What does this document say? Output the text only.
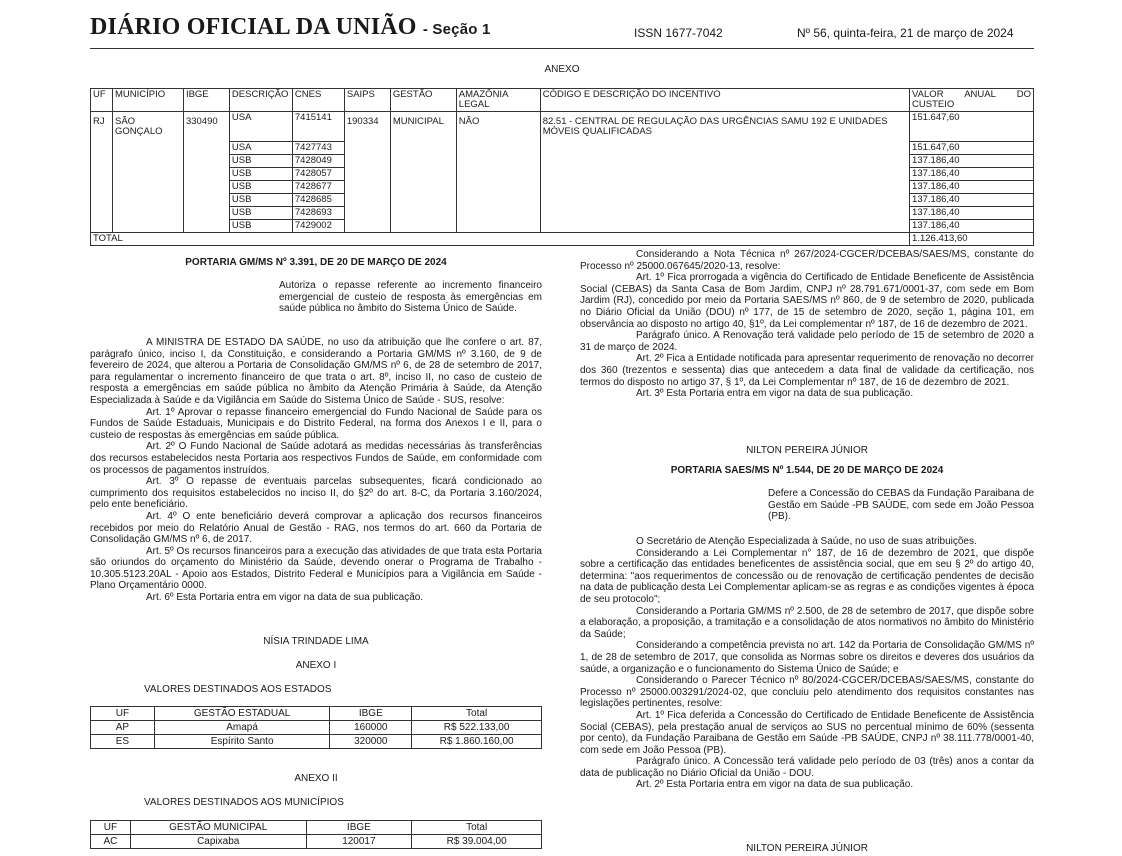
DIÁRIO OFICIAL DA UNIÃO - Seção 1	ISSN 1677-7042	Nº 56, quinta-feira, 21 de março de 2024
ANEXO
UF	MUNICÍPIO	IBGE	DESCRIÇÃO	CNES	SAIPS	GESTÃO	AMAZÔNIA LEGAL	CÓDIGO E DESCRIÇÃO DO INCENTIVO	VALOR ANUAL DO CUSTEIO
RJ	SÃO GONÇALO	330490	USA	7415141	190334	MUNICIPAL	NÃO	82.51 - CENTRAL DE REGULAÇÃO DAS URGÊNCIAS SAMU 192 E UNIDADES MÓVEIS QUALIFICADAS	151.647,60
			USA	7427743					151.647,60
			USB	7428049					137.186,40
			USB	7428057					137.186,40
			USB	7428677					137.186,40
			USB	7428685					137.186,40
			USB	7428693					137.186,40
			USB	7429002					137.186,40
TOTAL									1.126.413,60
PORTARIA GM/MS Nº 3.391, DE 20 DE MARÇO DE 2024
Autoriza o repasse referente ao incremento financeiro emergencial de custeio de resposta às emergências em saúde pública no âmbito do Sistema Único de Saúde.

A MINISTRA DE ESTADO DA SAÚDE, no uso da atribuição que lhe confere o art. 87, parágrafo único, inciso I, da Constituição, e considerando a Portaria GM/MS nº 3.160, de 9 de fevereiro de 2024, que alterou a Portaria de Consolidação GM/MS nº 6, de 28 de setembro de 2017, para regulamentar o incremento financeiro de que trata o art. 8º, inciso II, no caso de custeio de resposta a emergências em saúde pública no âmbito da Atenção Primária à Saúde, da Atenção Especializada à Saúde e da Vigilância em Saúde do Sistema Único de Saúde - SUS, resolve:

Art. 1º Aprovar o repasse financeiro emergencial do Fundo Nacional de Saúde para os Fundos de Saúde Estaduais, Municipais e do Distrito Federal, na forma dos Anexos I e II, para o custeio de respostas às emergências em saúde pública.

Art. 2º O Fundo Nacional de Saúde adotará as medidas necessárias às transferências dos recursos estabelecidos nesta Portaria aos respectivos Fundos de Saúde, em conformidade com os processos de pagamentos instruídos.

Art. 3º O repasse de eventuais parcelas subsequentes, ficará condicionado ao cumprimento dos requisitos estabelecidos no inciso II, do §2º do art. 8-C, da Portaria 3.160/2024, pelo ente beneficiário.

Art. 4º O ente beneficiário deverá comprovar a aplicação dos recursos financeiros recebidos por meio do Relatório Anual de Gestão - RAG, nos termos do art. 660 da Portaria de Consolidação GM/MS nº 6, de 2017.

Art. 5º Os recursos financeiros para a execução das atividades de que trata esta Portaria são oriundos do orçamento do Ministério da Saúde, devendo onerar o Programa de Trabalho - 10.305.5123.20AL - Apoio aos Estados, Distrito Federal e Municípios para a Vigilância em Saúde - Plano Orçamentário 0000.

Art. 6º Esta Portaria entra em vigor na data de sua publicação.

NÍSIA TRINDADE LIMA
ANEXO I
VALORES DESTINADOS AOS ESTADOS
UF	GESTÃO ESTADUAL	IBGE	Total
AP	Amapá	160000	R$ 522.133,00
ES	Espírito Santo	320000	R$ 1.860.160,00
ANEXO II
VALORES DESTINADOS AOS MUNICÍPIOS
UF	GESTÃO MUNICIPAL	IBGE	Total
AC	Capixaba	120017	R$ 39.004,00

Considerando a Nota Técnica nº 267/2024-CGCER/DCEBAS/SAES/MS, constante do Processo nº 25000.067645/2020-13, resolve:

Art. 1º Fica prorrogada a vigência do Certificado de Entidade Beneficente de Assistência Social (CEBAS) da Santa Casa de Bom Jardim, CNPJ nº 28.791.671/0001-37, com sede em Bom Jardim (RJ), concedido por meio da Portaria SAES/MS nº 860, de 9 de setembro de 2020, publicada no Diário Oficial da União (DOU) nº 177, de 15 de setembro de 2020, seção 1, página 101, em observância ao disposto no artigo 40, §1º, da Lei complementar nº 187, de 16 de dezembro de 2021.

Parágrafo único. A Renovação terá validade pelo período de 15 de setembro de 2020 a 31 de março de 2024.

Art. 2º Fica a Entidade notificada para apresentar requerimento de renovação no decorrer dos 360 (trezentos e sessenta) dias que antecedem a data final de validade da certificação, nos termos do disposto no artigo 37, § 1º, da Lei Complementar nº 187, de 16 de dezembro de 2021.

Art. 3º Esta Portaria entra em vigor na data de sua publicação.

NILTON PEREIRA JÚNIOR
PORTARIA SAES/MS Nº 1.544, DE 20 DE MARÇO DE 2024
Defere a Concessão do CEBAS da Fundação Paraibana de Gestão em Saúde -PB SAÚDE, com sede em João Pessoa (PB).

O Secretário de Atenção Especializada à Saúde, no uso de suas atribuições.

Considerando a Lei Complementar n° 187, de 16 de dezembro de 2021, que dispõe sobre a certificação das entidades beneficentes de assistência social, que em seu § 2º do artigo 40, determina: "aos requerimentos de concessão ou de renovação de certificação pendentes de decisão na data de publicação desta Lei Complementar aplicam-se as regras e as condições vigentes à época de seu protocolo";

Considerando a Portaria GM/MS nº 2.500, de 28 de setembro de 2017, que dispõe sobre a elaboração, a proposição, a tramitação e a consolidação de atos normativos no âmbito do Ministério da Saúde;

Considerando a competência prevista no art. 142 da Portaria de Consolidação GM/MS nº 1, de 28 de setembro de 2017, que consolida as Normas sobre os direitos e deveres dos usuários da saúde, a organização e o funcionamento do Sistema Único de Saúde; e

Considerando o Parecer Técnico nº 80/2024-CGCER/DCEBAS/SAES/MS, constante do Processo nº 25000.003291/2024-02, que concluiu pelo atendimento dos requisitos constantes nas legislações pertinentes, resolve:

Art. 1º Fica deferida a Concessão do Certificado de Entidade Beneficente de Assistência Social (CEBAS), pela prestação anual de serviços ao SUS no percentual mínimo de 60% (sessenta por cento), da Fundação Paraibana de Gestão em Saúde -PB SAÚDE, CNPJ nº 38.111.778/0001-40, com sede em João Pessoa (PB).

Parágrafo único. A Concessão terá validade pelo período de 03 (três) anos a contar da data de publicação no Diário Oficial da União - DOU.

Art. 2º Esta Portaria entra em vigor na data de sua publicação.

NILTON PEREIRA JÚNIOR
